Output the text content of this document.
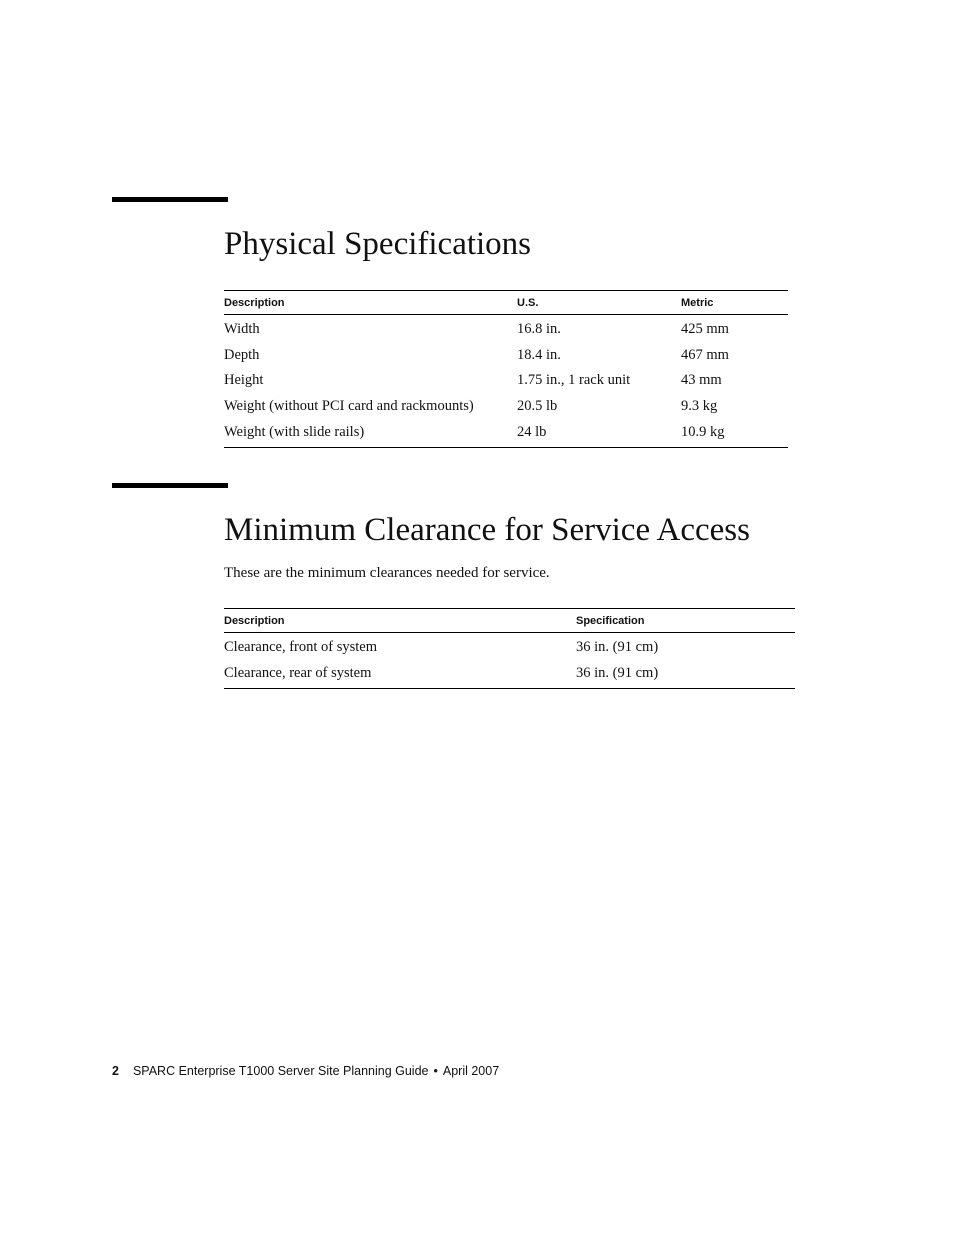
Physical Specifications
Description	U.S.	Metric
Width	16.8 in.	425 mm
Depth	18.4 in.	467 mm
Height	1.75 in., 1 rack unit	43 mm
Weight (without PCI card and rackmounts)	20.5 lb	9.3 kg
Weight (with slide rails)	24 lb	10.9 kg
Minimum Clearance for Service Access

These are the minimum clearances needed for service.

Description	Specification
Clearance, front of system	36 in. (91 cm)
Clearance, rear of system	36 in. (91 cm)
2 SPARC Enterprise T1000 Server Site Planning Guide • April 2007
